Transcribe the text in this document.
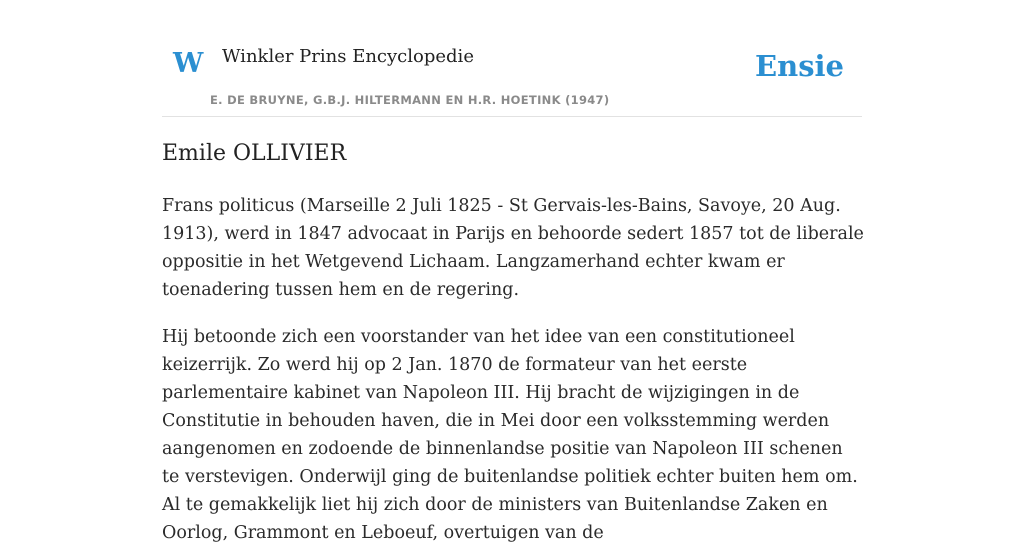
W Winkler Prins Encyclopedie
E. DE BRUYNE, G.B.J. HILTERMANN EN H.R. HOETINK (1947)
Ensie
Emile OLLIVIER

Frans politicus (Marseille 2 Juli 1825 - St Gervais-les-Bains, Savoye, 20 Aug. 1913), werd in 1847 advocaat in Parijs en behoorde sedert 1857 tot de liberale oppositie in het Wetgevend Lichaam. Langzamerhand echter kwam er toenadering tussen hem en de regering.

Hij betoonde zich een voorstander van het idee van een constitutioneel keizerrijk. Zo werd hij op 2 Jan. 1870 de formateur van het eerste parlementaire kabinet van Napoleon III. Hij bracht de wijzigingen in de Constitutie in behouden haven, die in Mei door een volksstemming werden aangenomen en zodoende de binnenlandse positie van Napoleon III schenen te verstevigen. Onderwijl ging de buitenlandse politiek echter buiten hem om. Al te gemakkelijk liet hij zich door de ministers van Buitenlandse Zaken en Oorlog, Grammont en Leboeuf, overtuigen van de
